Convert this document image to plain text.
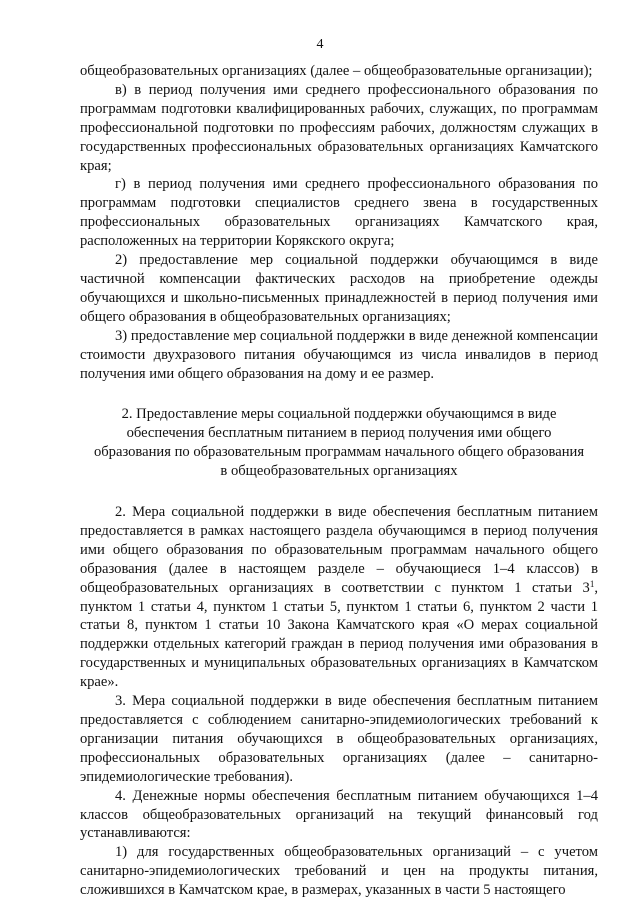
4

общеобразовательных организациях (далее – общеобразовательные организации);

в) в период получения ими среднего профессионального образования по программам подготовки квалифицированных рабочих, служащих, по программам профессиональной подготовки по профессиям рабочих, должностям служащих в государственных профессиональных образовательных организациях Камчатского края;

г) в период получения ими среднего профессионального образования по программам подготовки специалистов среднего звена в государственных профессиональных образовательных организациях Камчатского края, расположенных на территории Корякского округа;

2) предоставление мер социальной поддержки обучающимся в виде частичной компенсации фактических расходов на приобретение одежды обучающихся и школьно-письменных принадлежностей в период получения ими общего образования в общеобразовательных организациях;

3) предоставление мер социальной поддержки в виде денежной компенсации стоимости двухразового питания обучающимся из числа инвалидов в период получения ими общего образования на дому и ее размер.

2. Предоставление меры социальной поддержки обучающимся в виде
обеспечения бесплатным питанием в период получения ими общего
образования по образовательным программам начального общего образования
в общеобразовательных организациях

2. Мера социальной поддержки в виде обеспечения бесплатным питанием предоставляется в рамках настоящего раздела обучающимся в период получения ими общего образования по образовательным программам начального общего образования (далее в настоящем разделе – обучающиеся 1–4 классов) в общеобразовательных организациях в соответствии с пунктом 1 статьи $3^1$, пунктом 1 статьи 4, пунктом 1 статьи 5, пунктом 1 статьи 6, пунктом 2 части 1 статьи 8, пунктом 1 статьи 10 Закона Камчатского края «О мерах социальной поддержки отдельных категорий граждан в период получения ими образования в государственных и муниципальных образовательных организациях в Камчатском крае».

3. Мера социальной поддержки в виде обеспечения бесплатным питанием предоставляется с соблюдением санитарно-эпидемиологических требований к организации питания обучающихся в общеобразовательных организациях, профессиональных образовательных организациях (далее – санитарно-эпидемиологические требования).

4. Денежные нормы обеспечения бесплатным питанием обучающихся 1–4 классов общеобразовательных организаций на текущий финансовый год устанавливаются:

1) для государственных общеобразовательных организаций – с учетом санитарно-эпидемиологических требований и цен на продукты питания, сложившихся в Камчатском крае, в размерах, указанных в части 5 настоящего
